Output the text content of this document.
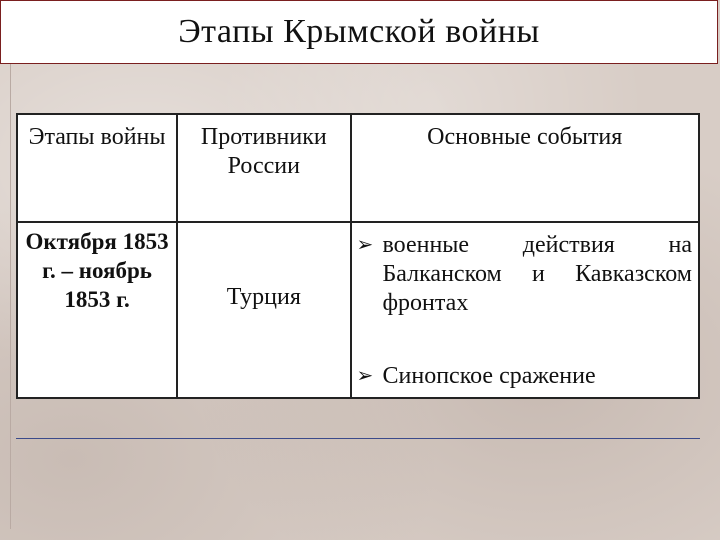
Этапы Крымской войны
Этапы войны	Противники России	Основные события

Октября 1853 г. – ноябрь 1853 г.	Турция	➢ военные действия на Балканском и Кавказском фронтах
➢ Синопское сражение
